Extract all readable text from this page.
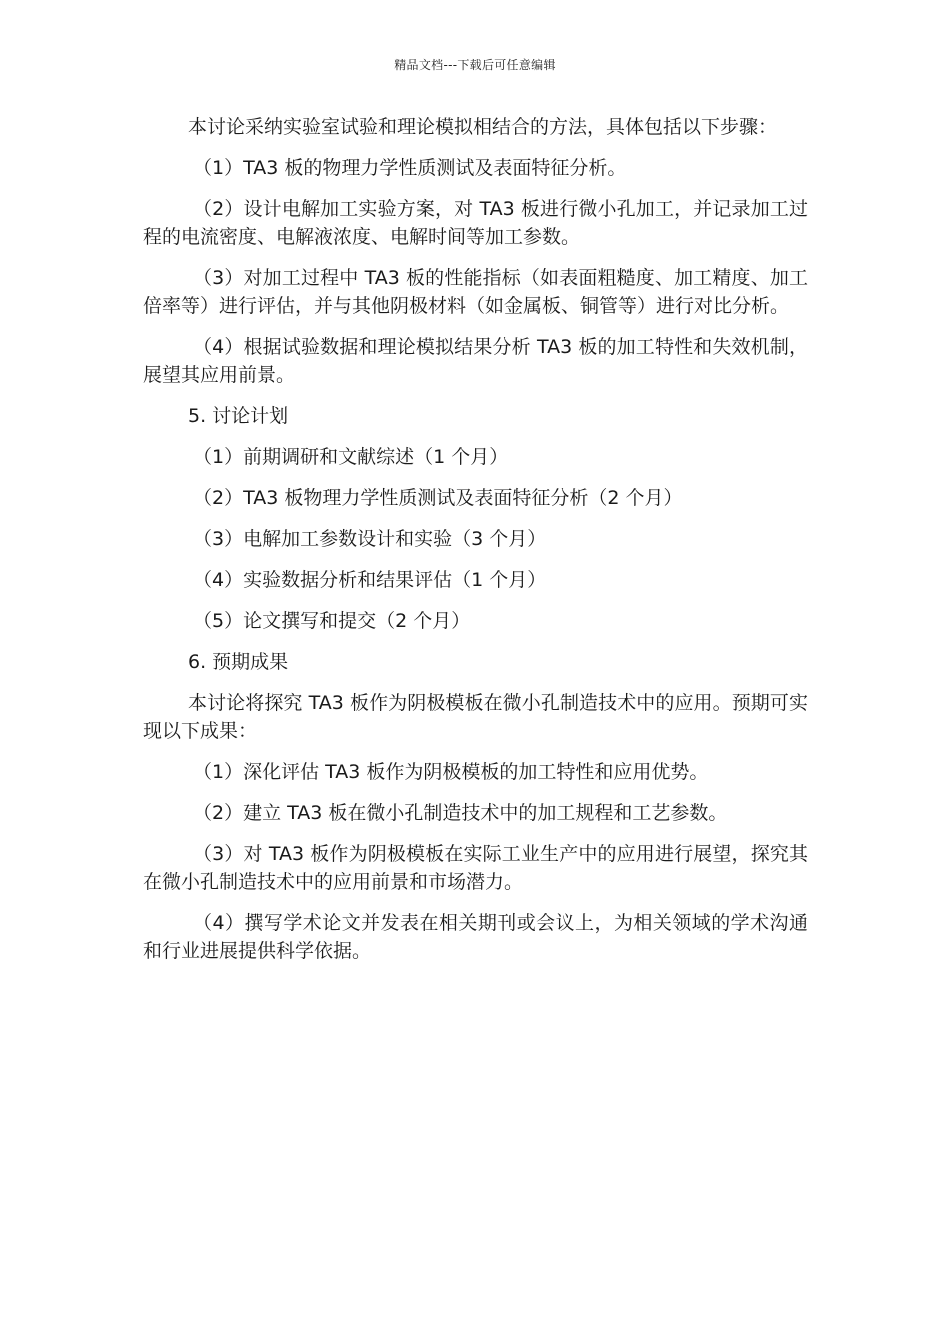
精品文档---下载后可任意编辑

本讨论采纳实验室试验和理论模拟相结合的方法，具体包括以下步骤：

（1）TA3 板的物理力学性质测试及表面特征分析。

（2）设计电解加工实验方案，对 TA3 板进行微小孔加工，并记录加工过程的电流密度、电解液浓度、电解时间等加工参数。

（3）对加工过程中 TA3 板的性能指标（如表面粗糙度、加工精度、加工倍率等）进行评估，并与其他阴极材料（如金属板、铜管等）进行对比分析。

（4）根据试验数据和理论模拟结果分析 TA3 板的加工特性和失效机制，展望其应用前景。

5. 讨论计划

（1）前期调研和文献综述（1 个月）

（2）TA3 板物理力学性质测试及表面特征分析（2 个月）

（3）电解加工参数设计和实验（3 个月）

（4）实验数据分析和结果评估（1 个月）

（5）论文撰写和提交（2 个月）

6. 预期成果

本讨论将探究 TA3 板作为阴极模板在微小孔制造技术中的应用。预期可实现以下成果：

（1）深化评估 TA3 板作为阴极模板的加工特性和应用优势。

（2）建立 TA3 板在微小孔制造技术中的加工规程和工艺参数。

（3）对 TA3 板作为阴极模板在实际工业生产中的应用进行展望，探究其在微小孔制造技术中的应用前景和市场潜力。

（4）撰写学术论文并发表在相关期刊或会议上，为相关领域的学术沟通和行业进展提供科学依据。
